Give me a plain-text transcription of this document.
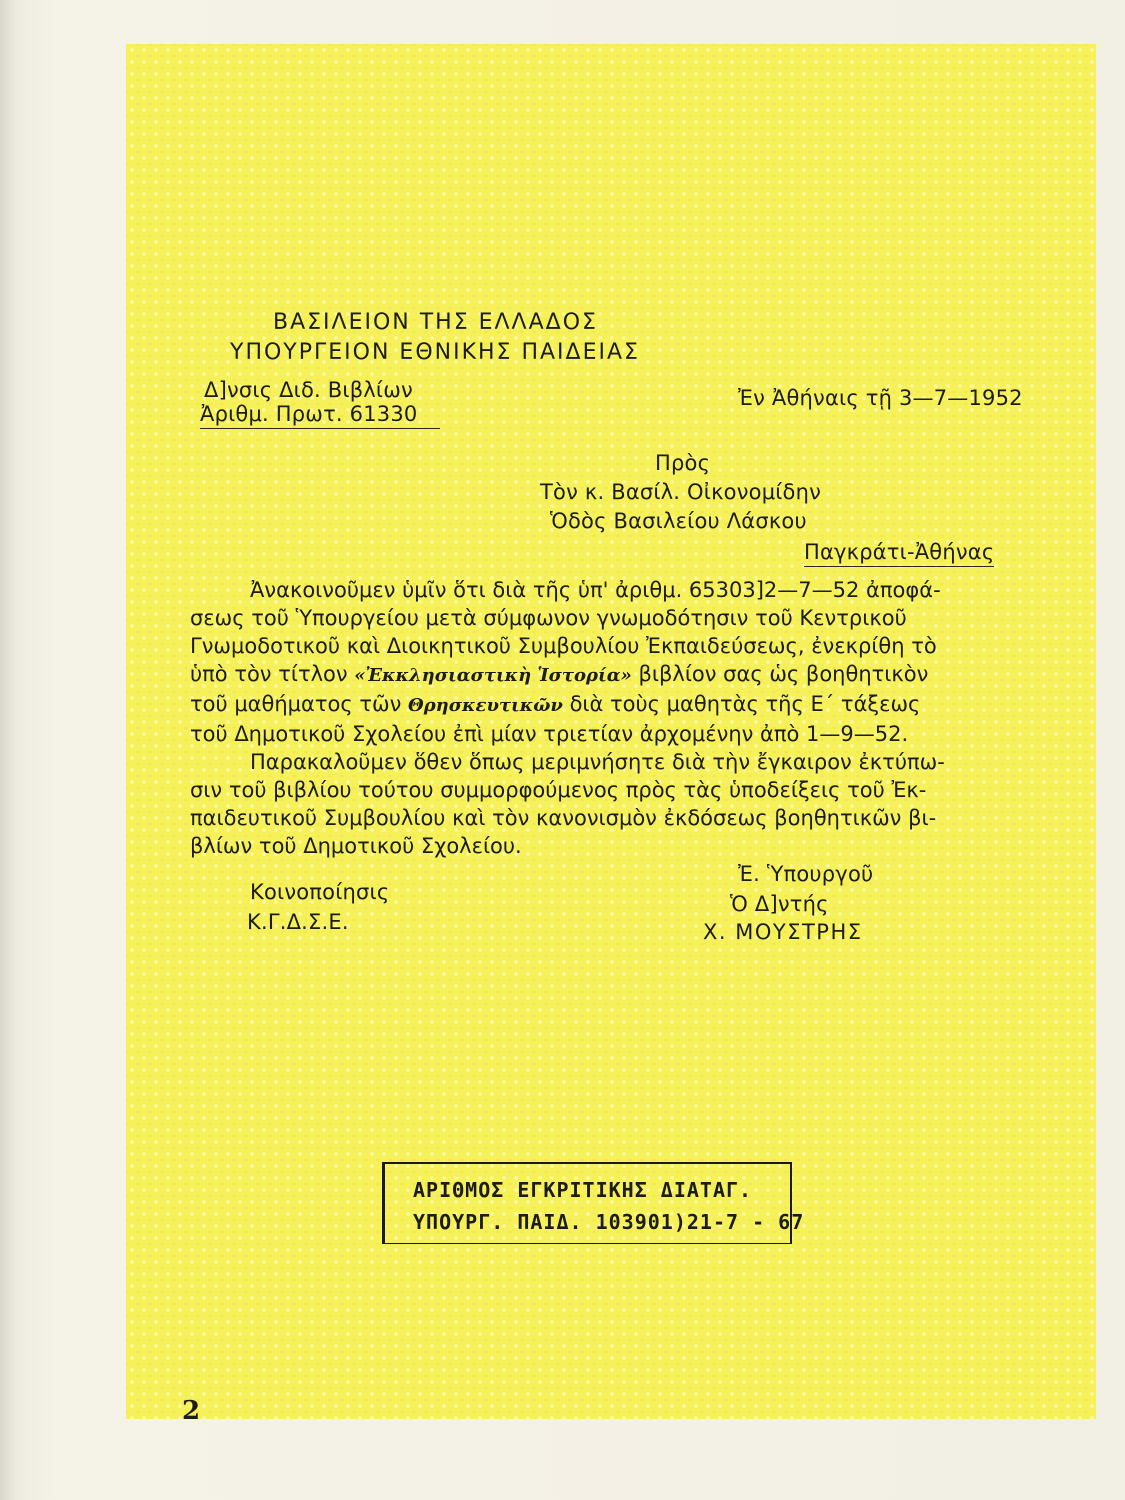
ΒΑΣΙΛΕΙΟΝ ΤΗΣ ΕΛΛΑΔΟΣ
ΥΠΟΥΡΓΕΙΟΝ ΕΘΝΙΚΗΣ ΠΑΙΔΕΙΑΣ
Δ]νσις Διδ. Βιβλίων
Ἀριθμ. Πρωτ. 61330
Ἐν Ἀθήναις τῇ 3—7—1952
Πρὸς
Τὸν κ. Βασίλ. Οἰκονομίδην
Ὁδὸς Βασιλείου Λάσκου
Παγκράτι-Ἀθήνας
Ἀνακοινοῦμεν ὑμῖν ὅτι διὰ τῆς ὑπ' ἀριθμ. 65303]2—7—52 ἀποφά-
σεως τοῦ Ὑπουργείου μετὰ σύμφωνον γνωμοδότησιν τοῦ Κεντρικοῦ
Γνωμοδοτικοῦ καὶ Διοικητικοῦ Συμβουλίου Ἐκπαιδεύσεως, ἐνεκρίθη τὸ
ὑπὸ τὸν τίτλον «Ἐκκλησιαστικὴ Ἱστορία» βιβλίον σας ὡς βοηθητικὸν
τοῦ μαθήματος τῶν Θρησκευτικῶν διὰ τοὺς μαθητὰς τῆς Ε΄ τάξεως
τοῦ Δημοτικοῦ Σχολείου ἐπὶ μίαν τριετίαν ἀρχομένην ἀπὸ 1—9—52.
Παρακαλοῦμεν ὅθεν ὅπως μεριμνήσητε διὰ τὴν ἔγκαιρον ἐκτύπω-
σιν τοῦ βιβλίου τούτου συμμορφούμενος πρὸς τὰς ὑποδείξεις τοῦ Ἐκ-
παιδευτικοῦ Συμβουλίου καὶ τὸν κανονισμὸν ἐκδόσεως βοηθητικῶν βι-
βλίων τοῦ Δημοτικοῦ Σχολείου.
Κοινοποίησις
Κ.Γ.Δ.Σ.Ε.
Ἐ. Ὑπουργοῦ
Ὁ Δ]ντής
Χ. ΜΟΥΣΤΡΗΣ
ΑΡΙΘΜΟΣ ΕΓΚΡΙΤΙΚΗΣ ΔΙΑΤΑΓ.
ΥΠΟΥΡΓ. ΠΑΙΔ. 103901)21-7 - 67
2
